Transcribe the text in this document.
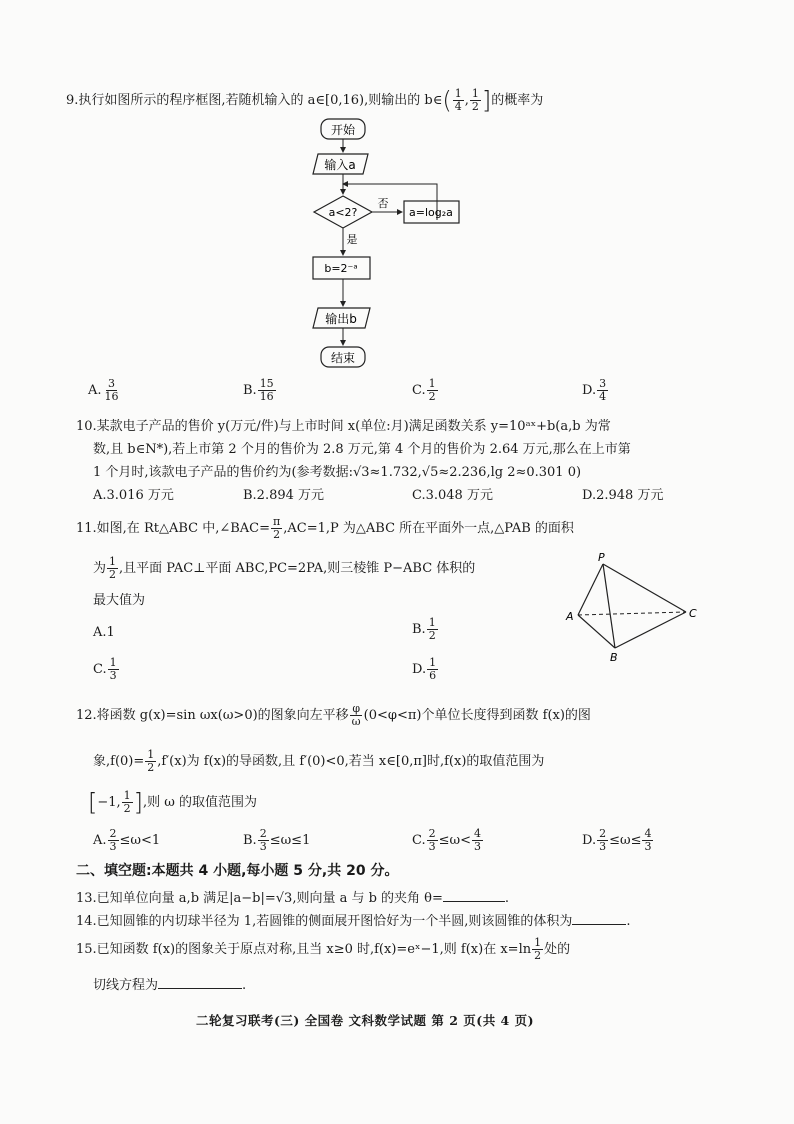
9.执行如图所示的程序框图,若随机输入的 a∈[0,16),则输出的 b∈( $\frac{1}{4}$ , $\frac{1}{2}$ ]的概率为
开始
输入a
a<2?
否
a=log₂a
是
b=2⁻ᵃ
输出b
结束
A. $\frac{3}{16}$	B. $\frac{15}{16}$	C. $\frac{1}{2}$	D. $\frac{3}{4}$
10.某款电子产品的售价 y(万元/件)与上市时间 x(单位:月)满足函数关系 y=10ᵃˣ+b(a,b 为常
数,且 b∈N*),若上市第 2 个月的售价为 2.8 万元,第 4 个月的售价为 2.64 万元,那么在上市第
1 个月时,该款电子产品的售价约为(参考数据:√3≈1.732,√5≈2.236,lg 2≈0.301 0)
A.3.016 万元	B.2.894 万元	C.3.048 万元	D.2.948 万元
11.如图,在 Rt△ABC 中,∠BAC= $\frac{\pi}{2} ,AC=1,P$ 为△ABC 所在平面外一点,△PAB 的面积
为 $\frac{1}{2}$ ,且平面 PAC⊥平面 ABC,PC=2PA,则三棱锥 P−ABC 体积的
最大值为
A.1	B. $\frac{1}{2}$
C. $\frac{1}{3}$	D. $\frac{1}{6}$
P
A
B
C
12.将函数 g(x)=sin ωx(ω>0)的图象向左平移 $\frac{\varphi}{\omega} (0<\varphi<\pi)$个单位长度得到函数 f(x)的图
象$,f(0)= \frac{1}{2} ,f'(x)$为 f(x)的导函数,且 f′(0)<0,若当 x∈[0,π]时,f(x)的取值范围为
[−1, $\frac{1}{2}$ ],则 ω 的取值范围为
A. $\frac{2}{3} \le\omega<1$	B. $\frac{2}{3} \le\omega\le 1$	C. $\frac{2}{3} \le\omega< \frac{4}{3}$	D. $\frac{2}{3} \le\omega\le \frac{4}{3}$
二、填空题:本题共 4 小题,每小题 5 分,共 20 分。
13.已知单位向量 a,b 满足|a−b|=√3,则向量 a 与 b 的夹角 θ=	.
14.已知圆锥的内切球半径为 1,若圆锥的侧面展开图恰好为一个半圆,则该圆锥的体积为	.
15.已知函数 f(x)的图象关于原点对称,且当 x≥0 时,f(x)=eˣ−1,则 f(x)在 $x=\ln \frac{1}{2}$ 处的
切线方程为	.
二轮复习联考(三) 全国卷 文科数学试题 第 2 页(共 4 页)
